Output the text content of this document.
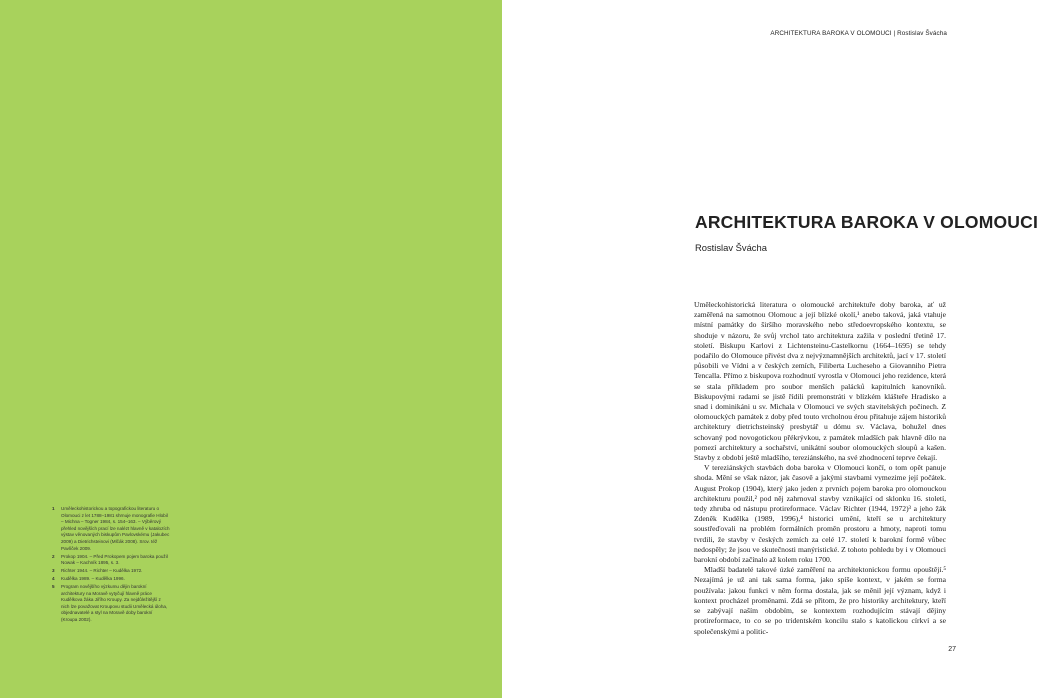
ARCHITEKTURA BAROKA V OLOMOUCI | Rostislav Švácha
ARCHITEKTURA BAROKA V OLOMOUCI
Rostislav Švácha

Uměleckohistorická literatura o olomoucké architektuře doby baroka, ať už zaměřená na samotnou Olomouc a její blízké okolí,¹ anebo taková, jaká vtahuje místní památky do širšího moravského nebo středoevropského kontextu, se shoduje v názoru, že svůj vrchol tato architektura zažila v poslední třetině 17. století. Biskupu Karlovi z Lichtensteinu-Castelkornu (1664–1695) se tehdy podařilo do Olomouce přivést dva z nejvýznamnějších architektů, jací v 17. století působili ve Vídni a v českých zemích, Filiberta Lucheseho a Giovanniho Pietra Tencalla. Přímo z biskupova rozhodnutí vyrostla v Olomouci jeho rezidence, která se stala příkladem pro soubor menších palácků kapitulních kanovníků. Biskupovými radami se jistě řídili premonstráti v blízkém klášteře Hradisko a snad i dominikáni u sv. Michala v Olomouci ve svých stavitelských počinech. Z olomouckých památek z doby před touto vrcholnou érou přitahuje zájem historiků architektury dietrichsteinský presbytář u dómu sv. Václava, bohužel dnes schovaný pod novogotickou přékrývkou, z památek mladších pak hlavně dílo na pomezí architektury a sochařství, unikátní soubor olomouckých sloupů a kašen. Stavby z období ještě mladšího, tereziánského, na své zhodnocení teprve čekají.

V tereziánských stavbách doba baroka v Olomouci končí, o tom opět panuje shoda. Mění se však názor, jak časově a jakými stavbami vymezime její počátek. August Prokop (1904), který jako jeden z prvních pojem baroka pro olomouckou architekturu použil,² pod něj zahrnoval stavby vznikající od sklonku 16. století, tedy zhruba od nástupu protireformace. Václav Richter (1944, 1972)³ a jeho žák Zdeněk Kudělka (1989, 1996),⁴ historici umění, kteří se u architektury soustřeďovali na problém formálních proměn prostoru a hmoty, naproti tomu tvrdili, že stavby v českých zemích za celé 17. století k barokní formě vůbec nedospěly; že jsou ve skutečnosti manýristické. Z tohoto pohledu by i v Olomouci barokní období začínalo až kolem roku 1700.

Mladší badatelé takové úzké zaměření na architektonickou formu opouštějí.⁵ Nezajímá je už ani tak sama forma, jako spíše kontext, v jakém se forma používala: jakou funkci v něm forma dostala, jak se měnil její význam, když i kontext procházel proměnami. Zdá se přitom, že pro historiky architektury, kteří se zabývají naším obdobím, se kontextem rozhodujícím stávají dějiny protireformace, to co se po tridentském koncilu stalo s katolickou církví a se společenskými a politic-

27
1	Uměleckohistorickou a topografickou literaturu o Olomouci z let 1788–1981 shrnuje monografie Hlobil – Michna – Togner 1984, s. 154–163. – Výběrový přehled novějších prací lze nalézt hlavně v katalozích výstav věnovaných biskupům Pavlovskému (Jakubec 2009) a Dietrichsteinovi (Mlčák 2008). Srov. též Pavlíček 2009.
2	Prokop 1904. – Před Prokopem pojem baroka použil Nowak – Kachník 1895, s. 3.
3	Richter 1944. – Richter – Kudělka 1972.
4	Kudělka 1989. – Kudělka 1996.
5	Program novějšího výzkumu dějin barokní architektury na Moravě vytyčují hlavně práce Kudělkova žáka Jiřího Kroupy. Za nejdůležitější z nich lze považovat Kroupovu studii Umělecká úloha, objednavatelé a styl na Moravě doby barokní (Kroupa 2002).
